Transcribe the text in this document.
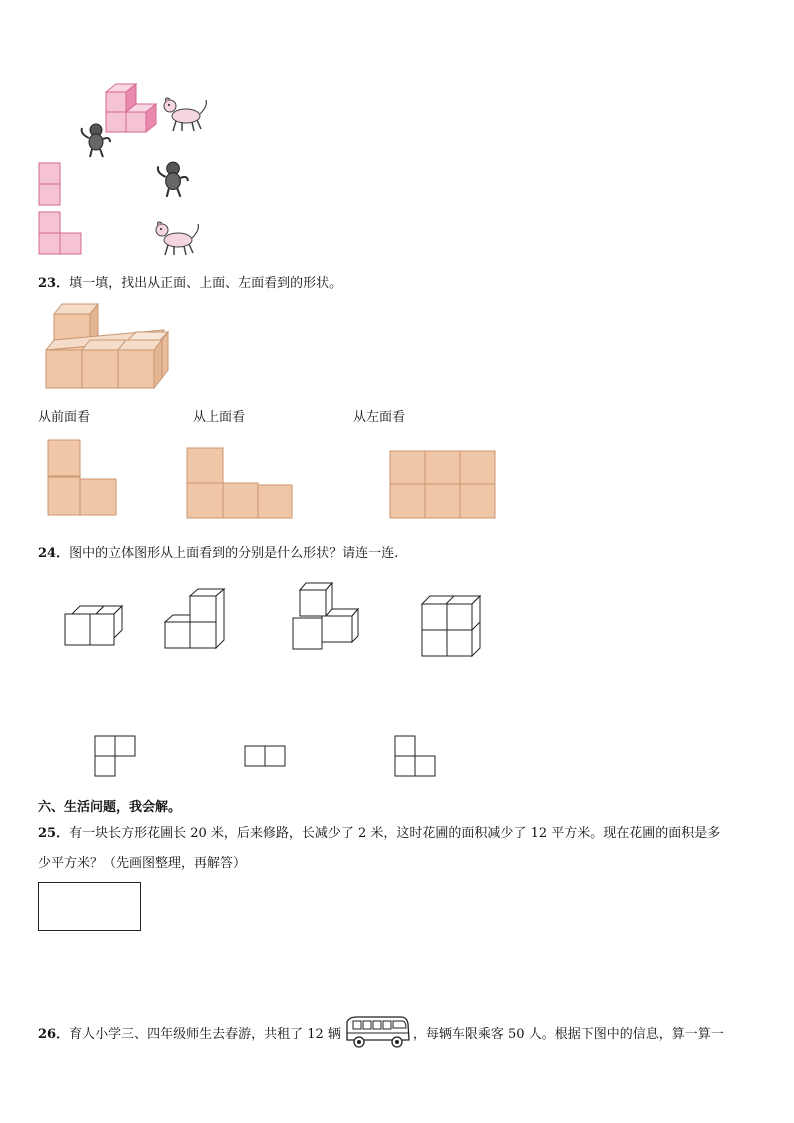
23．填一填，找出从正面、上面、左面看到的形状。
从前面看	从上面看	从左面看
24．图中的立体图形从上面看到的分别是什么形状？请连一连.
六、生活问题，我会解。
25．有一块长方形花圃长 20 米，后来修路，长减少了 2 米，这时花圃的面积减少了 12 平方米。现在花圃的面积是多
少平方米？（先画图整理，再解答）
26． 育人小学三、四年级师生去春游，共租了 12 辆	，每辆车限乘客 50 人。根据下图中的信息，算一算一
